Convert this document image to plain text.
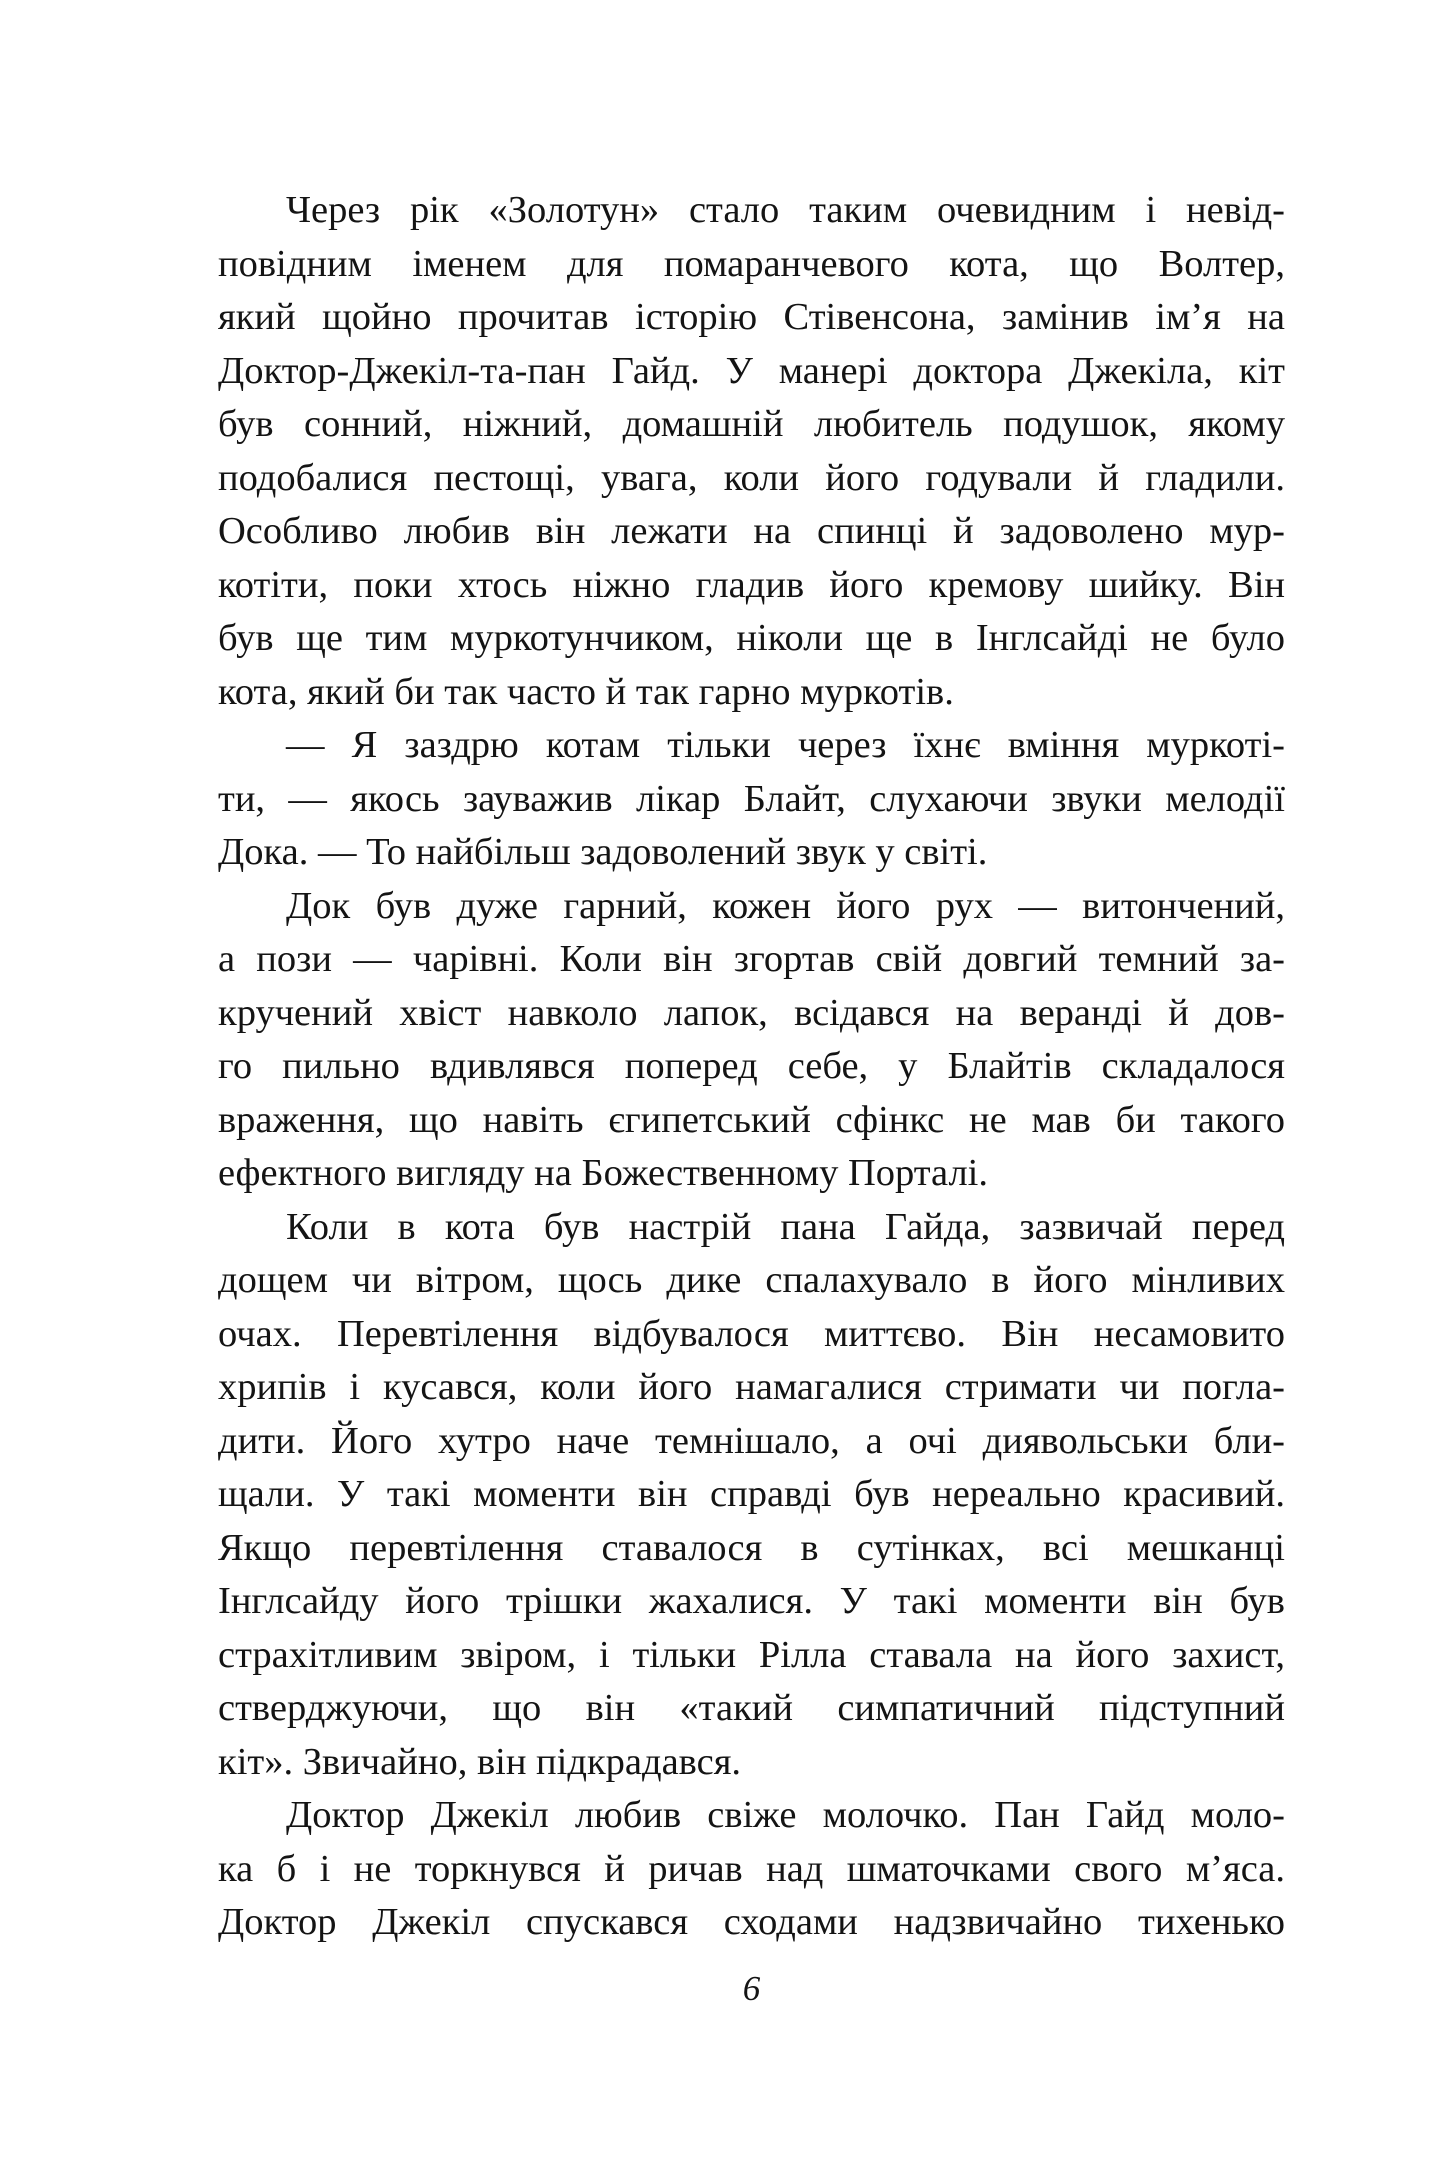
Через рік «Золотун» стало таким очевидним і невід-
повідним іменем для помаранчевого кота, що Волтер,
який щойно прочитав історію Стівенсона, замінив ім’я на
Доктор-Джекіл-та-пан Гайд. У манері доктора Джекіла, кіт
був сонний, ніжний, домашній любитель подушок, якому
подобалися пестощі, увага, коли його годували й гладили.
Особливо любив він лежати на спинці й задоволено мур-
котіти, поки хтось ніжно гладив його кремову шийку. Він
був ще тим муркотунчиком, ніколи ще в Інглсайді не було
кота, який би так часто й так гарно муркотів.
— Я заздрю котам тільки через їхнє вміння муркоті-
ти, — якось зауважив лікар Блайт, слухаючи звуки мелодії
Дока. — То найбільш задоволений звук у світі.
Док був дуже гарний, кожен його рух — витончений,
а пози — чарівні. Коли він згортав свій довгий темний за-
кручений хвіст навколо лапок, всідався на веранді й дов-
го пильно вдивлявся поперед себе, у Блайтів складалося
враження, що навіть єгипетський сфінкс не мав би такого
ефектного вигляду на Божественному Порталі.
Коли в кота був настрій пана Гайда, зазвичай перед
дощем чи вітром, щось дике спалахувало в його мінливих
очах. Перевтілення відбувалося миттєво. Він несамовито
хрипів і кусався, коли його намагалися стримати чи погла-
дити. Його хутро наче темнішало, а очі диявольськи бли-
щали. У такі моменти він справді був нереально красивий.
Якщо перевтілення ставалося в сутінках, всі мешканці
Інглсайду його трішки жахалися. У такі моменти він був
страхітливим звіром, і тільки Рілла ставала на його захист,
стверджуючи, що він «такий симпатичний підступний
кіт». Звичайно, він підкрадався.
Доктор Джекіл любив свіже молочко. Пан Гайд моло-
ка б і не торкнувся й ричав над шматочками свого м’яса.
Доктор Джекіл спускався сходами надзвичайно тихенько
6
